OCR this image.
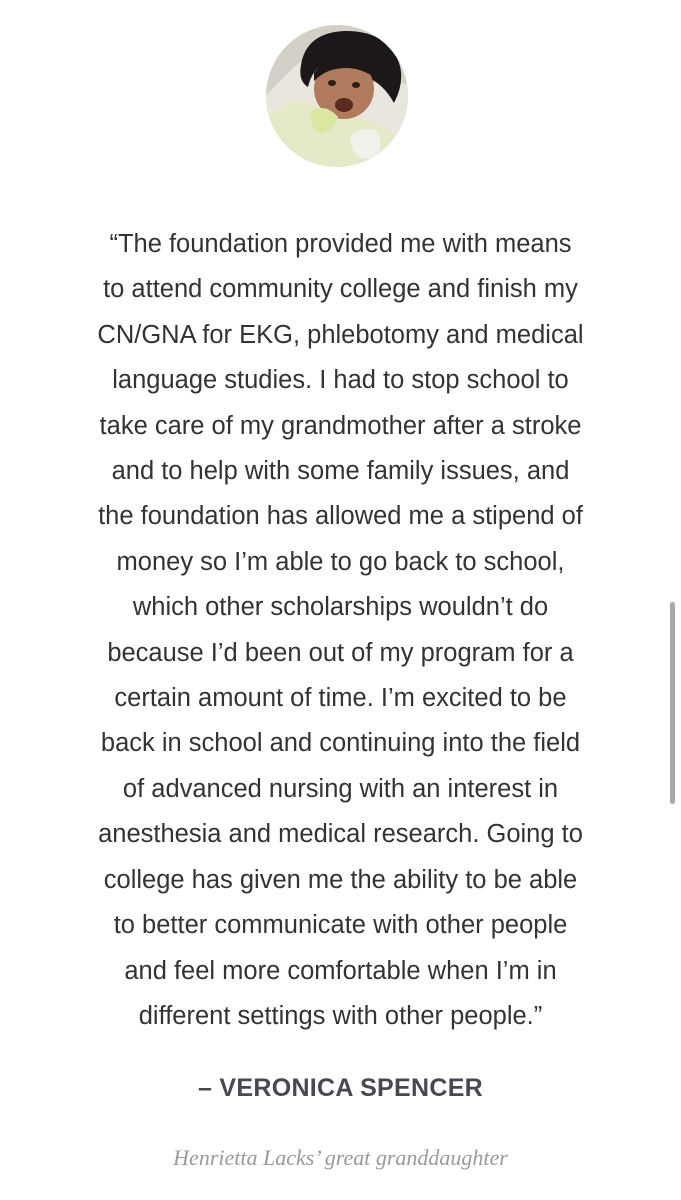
“The foundation provided me with means
to attend community college and finish my
CN/GNA for EKG, phlebotomy and medical
language studies. I had to stop school to
take care of my grandmother after a stroke
and to help with some family issues, and
the foundation has allowed me a stipend of
money so I’m able to go back to school,
which other scholarships wouldn’t do
because I’d been out of my program for a
certain amount of time. I’m excited to be
back in school and continuing into the field
of advanced nursing with an interest in
anesthesia and medical research. Going to
college has given me the ability to be able
to better communicate with other people
and feel more comfortable when I’m in
different settings with other people.”
– VERONICA SPENCER
Henrietta Lacks’ great granddaughter
